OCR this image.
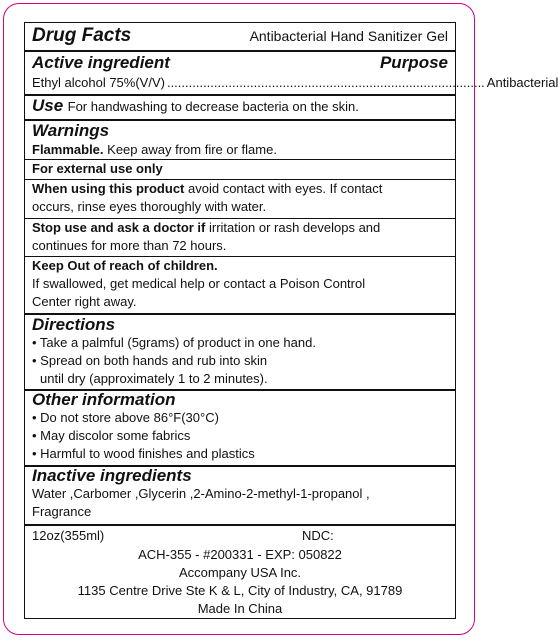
Drug Facts	Antibacterial Hand Sanitizer Gel
Active ingredient	Purpose
Ethyl alcohol 75%(V/V) ........................................................................................ Antibacterial
Use For handwashing to decrease bacteria on the skin.
Warnings
Flammable. Keep away from fire or flame.
For external use only
When using this product avoid contact with eyes. If contact
occurs, rinse eyes thoroughly with water.
Stop use and ask a doctor if irritation or rash develops and
continues for more than 72 hours.
Keep Out of reach of children.
If swallowed, get medical help or contact a Poison Control
Center right away.
Directions
• Take a palmful (5grams) of product in one hand.
• Spread on both hands and rub into skin
until dry (approximately 1 to 2 minutes).
Other information
• Do not store above 86°F(30°C)
• May discolor some fabrics
• Harmful to wood finishes and plastics
Inactive ingredients
Water ,Carbomer ,Glycerin ,2-Amino-2-methyl-1-propanol ,
Fragrance
12oz(355ml)	NDC:
ACH-355 - #200331 - EXP: 050822
Accompany USA Inc.
1135 Centre Drive Ste K & L, City of Industry, CA, 91789
Made In China
